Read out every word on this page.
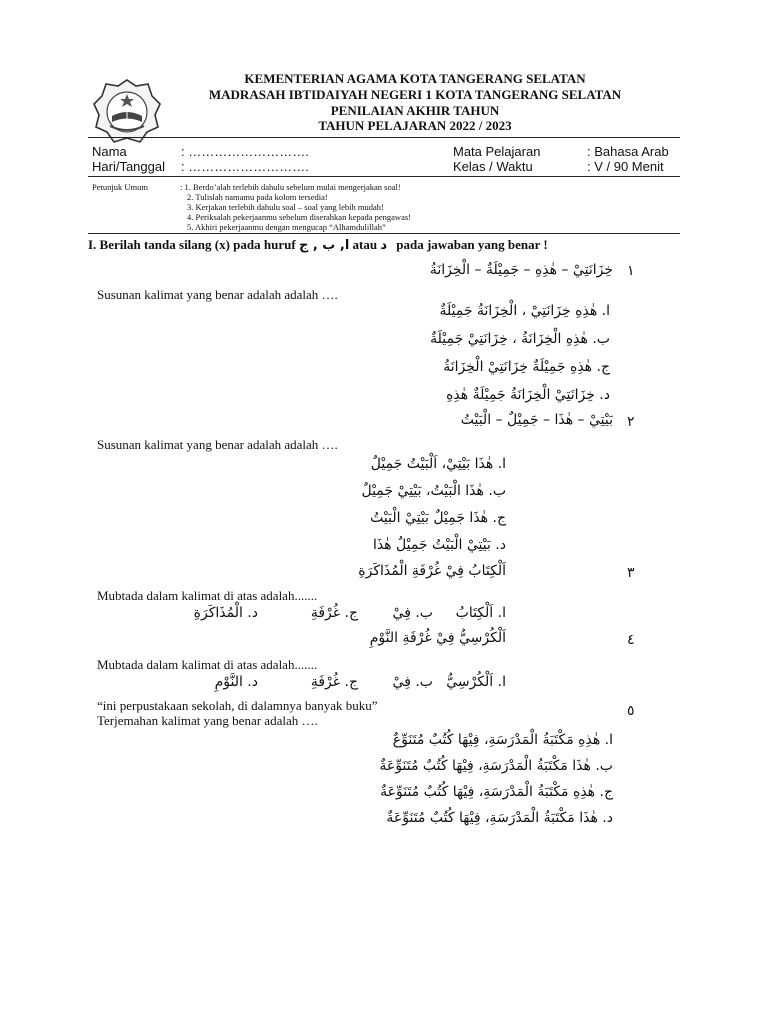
KEMENTERIAN AGAMA KOTA TANGERANG SELATAN
MADRASAH IBTIDAIYAH NEGERI 1 KOTA TANGERANG SELATAN
PENILAIAN AKHIR TAHUN
TAHUN PELAJARAN 2022 / 2023
Nama	: ……………………….
Hari/Tanggal : ……………………….
Mata Pelajaran	: Bahasa Arab
Kelas / Waktu	: V / 90 Menit
Petunjuk Umum	: 1. Berdo’alah terlebih dahulu sebelum mulai mengerjakan soal!
2. Tulislah namamu pada kolom tersedia!
3. Kerjakan terlebih dahulu soal – soal yang lebih mudah!
4. Periksalah pekerjaanmu sebelum diserahkan kepada pengawas!
5. Akhiri pekerjaanmu dengan mengucap “Alhamdulillah”
I. Berilah tanda silang (x) pada huruf ا, ب , ج atau د pada jawaban yang benar !
١
خِزَانَتِيْ – هٰذِهِ – جَمِيْلَةٌ – الْخِزَانَةُ
Susunan kalimat yang benar adalah adalah ….
ا. هٰذِهِ خِزَانَتِيْ ، الْخِزَانَةُ جَمِيْلَةٌ
ب. هٰذِهِ الْخِزَانَةُ ، خِزَانَتِيْ جَمِيْلَةٌ
ج. هٰذِهِ جَمِيْلَةٌ خِزَانَتِيْ الْخِزَانَةُ
د. خِزَانَتِيْ الْخِزَانَةُ جَمِيْلَةٌ هٰذِهِ
٢
بَيْتِيْ – هٰذَا – جَمِيْلٌ – الْبَيْتُ
Susunan kalimat yang benar adalah adalah ….
ا. هٰذَا بَيْتِيْ، اَلْبَيْتُ جَمِيْلٌ
ب. هٰذَا الْبَيْتُ، بَيْتِيْ جَمِيْلٌ
ج. هٰذَا جَمِيْلٌ بَيْتِيْ الْبَيْتُ
د. بَيْتِيْ الْبَيْتُ جَمِيْلٌ هٰذَا
٣
اَلْكِتَابُ فِيْ غُرْفَةِ الْمُذَاكَرَةِ
Mubtada dalam kalimat di atas adalah.......
ا. اَلْكِتَابُ
ب. فِيْ
ج. غُرْفَةِ
د. الْمُذَاكَرَةِ
٤
اَلْكُرْسِيُّ فِيْ غُرْفَةِ النَّوْمِ
Mubtada dalam kalimat di atas adalah.......
ا. اَلْكُرْسِيُّ
ب. فِيْ
ج. غُرْفَةِ
د. النَّوْمِ
٥
“ini perpustakaan sekolah, di dalamnya banyak buku”
Terjemahan kalimat yang benar adalah ….
ا. هٰذِهِ مَكْتَبَةُ الْمَدْرَسَةِ، فِيْهَا كُتُبٌ مُتَنَوِّعٌ
ب. هٰذَا مَكْتَبَةُ الْمَدْرَسَةِ، فِيْهَا كُتُبٌ مُتَنَوِّعَةٌ
ج. هٰذِهِ مَكْتَبَةُ الْمَدْرَسَةِ، فِيْهَا كُتُبٌ مُتَنَوِّعَةٌ
د. هٰذَا مَكْتَبَةُ الْمَدْرَسَةِ، فِيْهَا كُتُبٌ مُتَنَوِّعَةٌ
